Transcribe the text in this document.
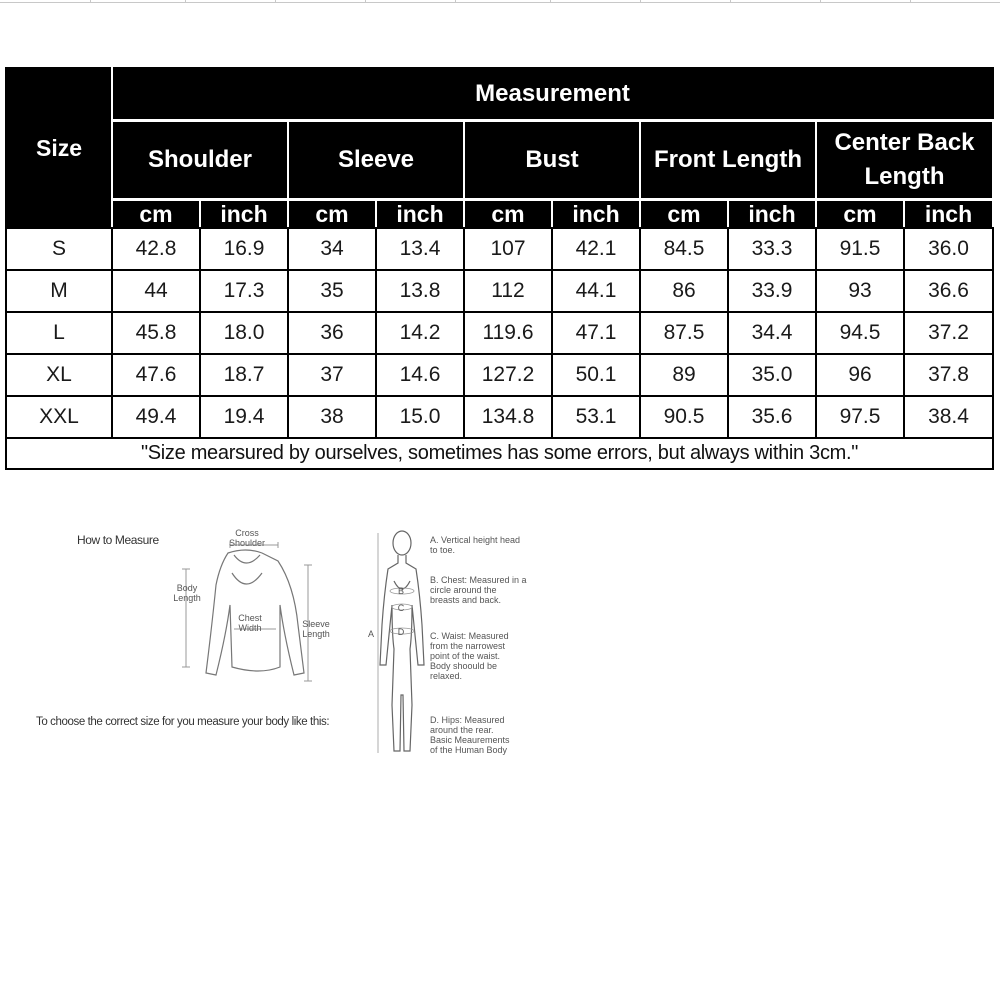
Size	Measurement									
	Shoulder		Sleeve		Bust		Front Length		Center Back Length	
	cm	inch	cm	inch	cm	inch	cm	inch	cm	inch
S	42.8	16.9	34	13.4	107	42.1	84.5	33.3	91.5	36.0
M	44	17.3	35	13.8	112	44.1	86	33.9	93	36.6
L	45.8	18.0	36	14.2	119.6	47.1	87.5	34.4	94.5	37.2
XL	47.6	18.7	37	14.6	127.2	50.1	89	35.0	96	37.8
XXL	49.4	19.4	38	15.0	134.8	53.1	90.5	35.6	97.5	38.4
"Size mearsured by ourselves, sometimes has some errors, but always within 3cm."										
How to Measure
To choose the correct size for you measure your body like this:
Cross
Shoulder
Body
Length
Chest
Width	Sleeve
Length	A
B
C
D
A. Vertical height head
to toe.
B. Chest: Measured in a
circle around the
breasts and back.
C. Waist: Measured
from the narrowest
point of the waist.
Body shoould be
relaxed.
D. Hips: Measured
around the rear.
Basic Meaurements
of the Human Body
